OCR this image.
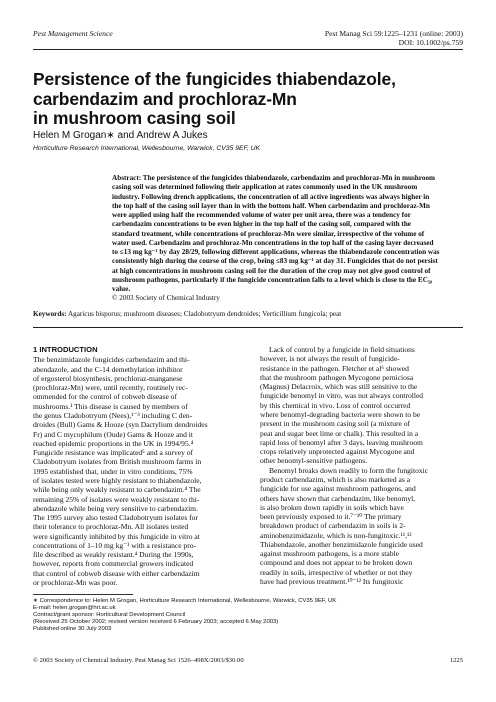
Pest Management Science	Pest Manag Sci 59:1225–1231 (online: 2003)
DOI: 10.1002/ps.759
Persistence of the fungicides thiabendazole,
carbendazim and prochloraz-Mn
in mushroom casing soil
Helen M Grogan∗ and Andrew A Jukes
Horticulture Research International, Wellesbourne, Warwick, CV35 9EF, UK
Abstract: The persistence of the fungicides thiabendazole, carbendazim and prochloraz-Mn in mushroom
casing soil was determined following their application at rates commonly used in the UK mushroom
industry. Following drench applications, the concentration of all active ingredients was always higher in
the top half of the casing soil layer than in with the bottom half. When carbendazim and prochloraz-Mn
were applied using half the recommended volume of water per unit area, there was a tendency for
carbendazim concentrations to be even higher in the top half of the casing soil, compared with the
standard treatment, while concentrations of prochloraz-Mn were similar, irrespective of the volume of
water used. Carbendazim and prochloraz-Mn concentrations in the top half of the casing layer decreased
to ≤13 mg kg⁻¹ by day 28/29, following different applications, whereas the thiabendazole concentration was
consistently high during the course of the crop, being ≤83 mg kg⁻¹ at day 31. Fungicides that do not persist
at high concentrations in mushroom casing soil for the duration of the crop may not give good control of
mushroom pathogens, particularly if the fungicide concentration falls to a level which is close to the EC₅₀
value.
© 2003 Society of Chemical Industry
Keywords: Agaricus bisporus; mushroom diseases; Cladobotryum dendroides; Verticillium fungicola; peat
1 INTRODUCTION

The benzimidazole fungicides carbendazim and thi-

abendazole, and the C-14 demethylation inhibitor

of ergosterol biosynthesis, prochloraz-manganese

(prochloraz-Mn) were, until recently, routinely rec-

ommended for the control of cobweb disease of

mushrooms.¹ This disease is caused by members of

the genus Cladobotryum (Nees),¹⁻³ including C den-

droides (Bull) Gams & Hooze (syn Dactylium dendroides

Fr) and C mycophilum (Oude) Gams & Hooze and it

reached epidemic proportions in the UK in 1994/95.⁴

Fungicide resistance was implicated⁵ and a survey of

Cladobotryum isolates from British mushroom farms in

1995 established that, under in vitro conditions, 75%

of isolates tested were highly resistant to thiabendazole,

while being only weakly resistant to carbendazim.⁴ The

remaining 25% of isolates were weakly resistant to thi-

abendazole while being very sensitive to carbendazim.

The 1995 survey also tested Cladobotryum isolates for

their tolerance to prochloraz-Mn. All isolates tested

were significantly inhibited by this fungicide in vitro at

concentrations of 1–10 mg kg⁻¹ with a resistance pro-

file described as weakly resistant.⁴ During the 1990s,

however, reports from commercial growers indicated

that control of cobweb disease with either carbendazim

or prochloraz-Mn was poor.

Lack of control by a fungicide in field situations

however, is not always the result of fungicide-

resistance in the pathogen. Fletcher et al⁶ showed

that the mushroom pathogen Mycogone perniciosa

(Magnus) Delacroix, which was still sensitive to the

fungicide benomyl in vitro, was not always controlled

by this chemical in vivo. Loss of control occurred

where benomyl-degrading bacteria were shown to be

present in the mushroom casing soil (a mixture of

peat and sugar beet lime or chalk). This resulted in a

rapid loss of benomyl after 3 days, leaving mushroom

crops relatively unprotected against Mycogone and

other benomyl-sensitive pathogens.

Benomyl breaks down readily to form the fungitoxic

product carbendazim, which is also marketed as a

fungicide for use against mushroom pathogens, and

others have shown that carbendazim, like benomyl,

is also broken down rapidly in soils which have

been previously exposed to it.⁷⁻¹⁰ The primary

breakdown product of carbendazim in soils is 2-

aminobenzimidazole, which is non-fungitoxic.¹¹,¹²

Thiabendazole, another benzimidazole fungicide used

against mushroom pathogens, is a more stable

compound and does not appear to be broken down

readily in soils, irrespective of whether or not they

have had previous treatment.¹⁰⁻¹² Its fungitoxic

∗ Correspondence to: Helen M Grogan, Horticulture Research International, Wellesbourne, Warwick, CV35 9EF, UK
E-mail: helen.grogan@hri.ac.uk
Contract/grant sponsor: Horticultural Development Council
(Received 25 October 2002; revised version received 6 February 2003; accepted 6 May 2003)
Published online 30 July 2003
© 2003 Society of Chemical Industry. Pest Manag Sci 1526–498X/2003/$30.00	1225
